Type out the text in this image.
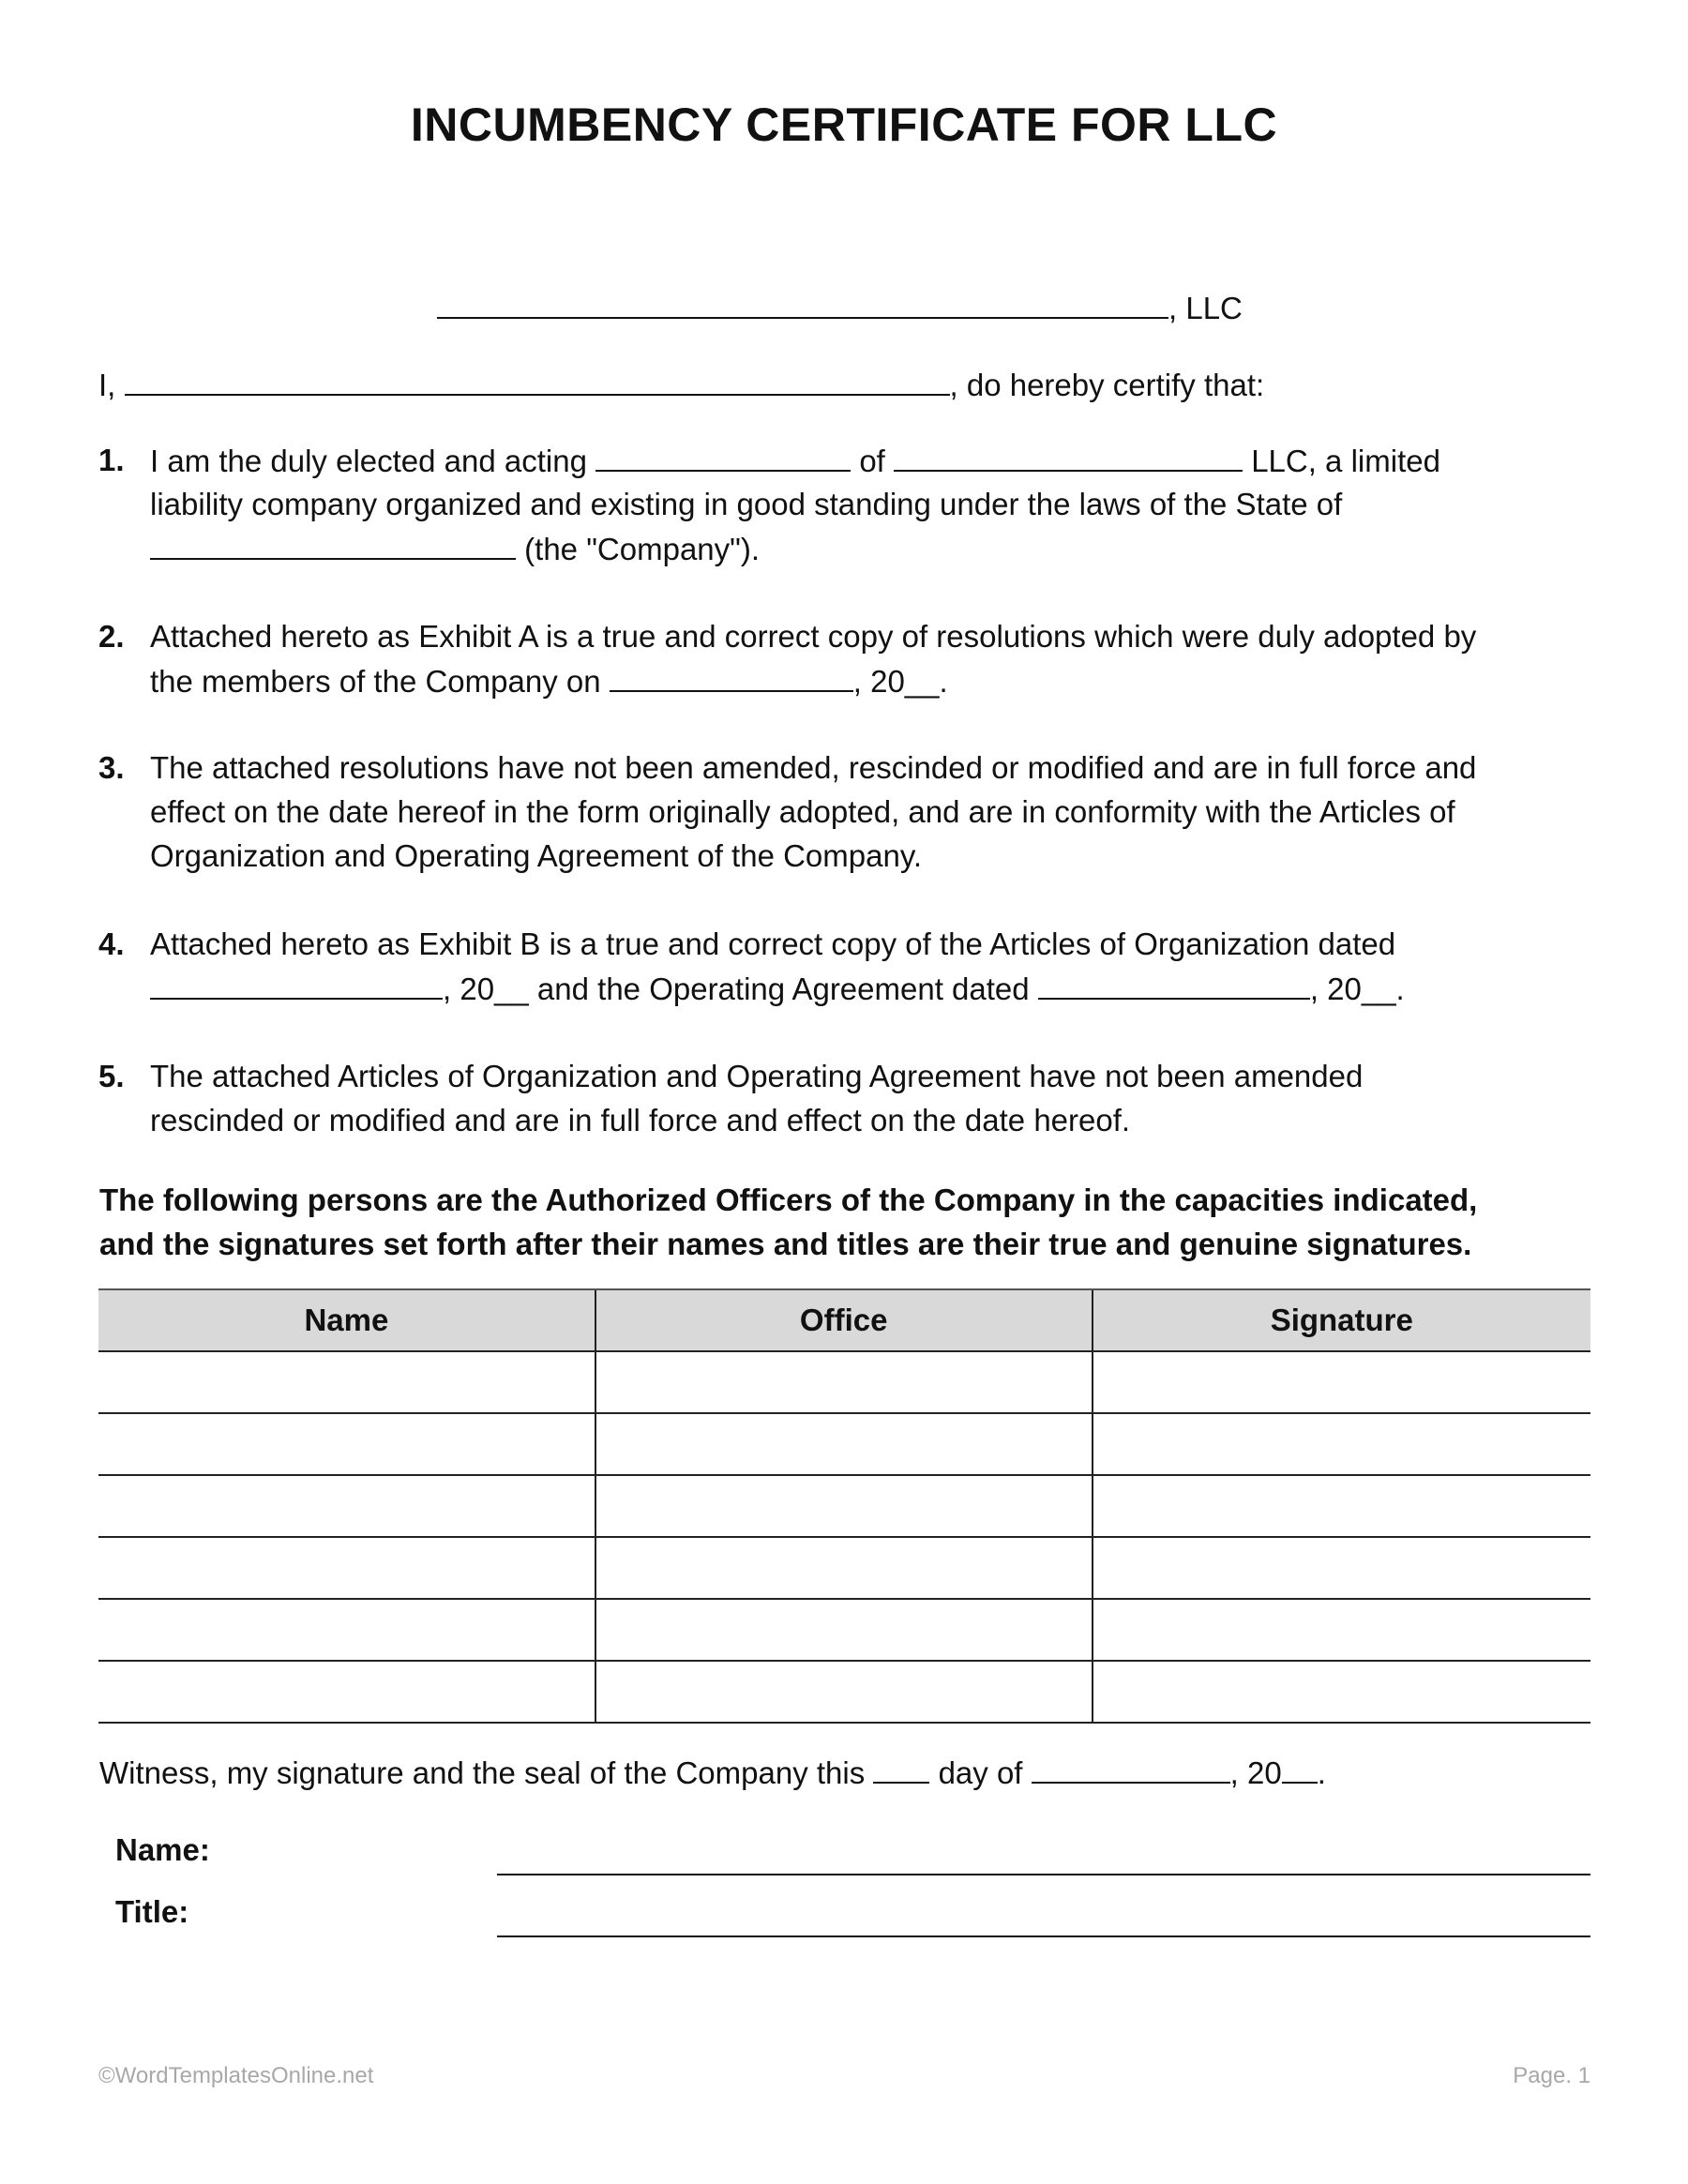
INCUMBENCY CERTIFICATE FOR LLC
, LLC
I,	, do hereby certify that:
1. I am the duly elected and acting	of	LLC, a limited
liability company organized and existing in good standing under the laws of the State of
(the "Company").
2. Attached hereto as Exhibit A is a true and correct copy of resolutions which were duly adopted by
the members of the Company on	, 20__.
3. The attached resolutions have not been amended, rescinded or modified and are in full force and
effect on the date hereof in the form originally adopted, and are in conformity with the Articles of
Organization and Operating Agreement of the Company.
4. Attached hereto as Exhibit B is a true and correct copy of the Articles of Organization dated
, 20__ and the Operating Agreement dated	, 20__.
5. The attached Articles of Organization and Operating Agreement have not been amended
rescinded or modified and are in full force and effect on the date hereof.
The following persons are the Authorized Officers of the Company in the capacities indicated,
and the signatures set forth after their names and titles are their true and genuine signatures.
Name	Office	Signature

Witness, my signature and the seal of the Company this day of	, 20 .
Name:
Title:
©WordTemplatesOnline.net	Page. 1
